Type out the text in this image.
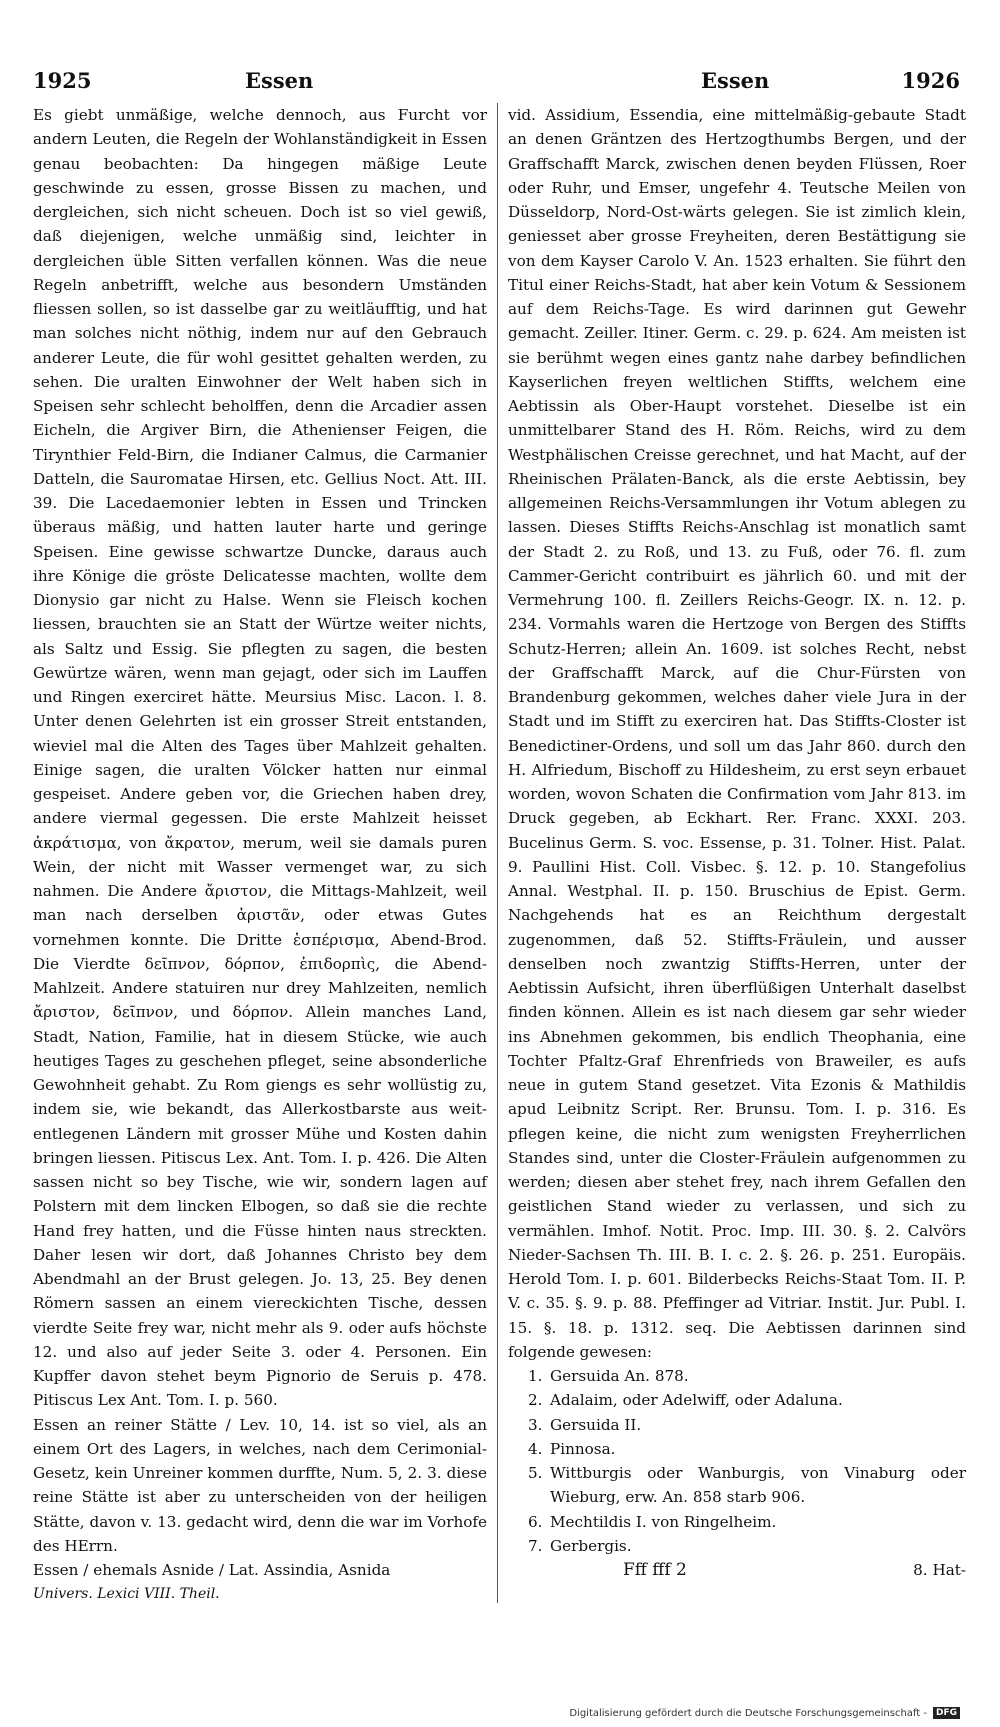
1925	Essen	Essen	1926

Es giebt unmäßige, welche dennoch, aus Furcht vor andern Leuten, die Regeln der Wohlanständigkeit in Essen genau beobachten: Da hingegen mäßige Leute geschwinde zu essen, grosse Bissen zu machen, und dergleichen, sich nicht scheuen. Doch ist so viel gewiß, daß diejenigen, welche unmäßig sind, leichter in dergleichen üble Sitten verfallen können. Was die neue Regeln anbetrifft, welche aus besondern Umständen fliessen sollen, so ist dasselbe gar zu weitläufftig, und hat man solches nicht nöthig, indem nur auf den Gebrauch anderer Leute, die für wohl gesittet gehalten werden, zu sehen. Die uralten Einwohner der Welt haben sich in Speisen sehr schlecht beholffen, denn die Arcadier assen Eicheln, die Argiver Birn, die Athenienser Feigen, die Tirynthier Feld-Birn, die Indianer Calmus, die Carmanier Datteln, die Sauromatae Hirsen, etc. Gellius Noct. Att. III. 39. Die Lacedaemonier lebten in Essen und Trincken überaus mäßig, und hatten lauter harte und geringe Speisen. Eine gewisse schwartze Duncke, daraus auch ihre Könige die gröste Delicatesse machten, wollte dem Dionysio gar nicht zu Halse. Wenn sie Fleisch kochen liessen, brauchten sie an Statt der Würtze weiter nichts, als Saltz und Essig. Sie pflegten zu sagen, die besten Gewürtze wären, wenn man gejagt, oder sich im Lauffen und Ringen exerciret hätte. Meursius Misc. Lacon. l. 8. Unter denen Gelehrten ist ein grosser Streit entstanden, wieviel mal die Alten des Tages über Mahlzeit gehalten. Einige sagen, die uralten Völcker hatten nur einmal gespeiset. Andere geben vor, die Griechen haben drey, andere viermal gegessen. Die erste Mahlzeit heisset ἀκράτισμα, von ἄκρατον, merum, weil sie damals puren Wein, der nicht mit Wasser vermenget war, zu sich nahmen. Die Andere ἄριστον, die Mittags-Mahlzeit, weil man nach derselben ἀριστᾶν, oder etwas Gutes vornehmen konnte. Die Dritte ἑσπέρισμα, Abend-Brod. Die Vierdte δεῖπνον, δόρπον, ἐπιδορπὶς, die Abend-Mahlzeit. Andere statuiren nur drey Mahlzeiten, nemlich ἄριστον, δεῖπνον, und δόρπον. Allein manches Land, Stadt, Nation, Familie, hat in diesem Stücke, wie auch heutiges Tages zu geschehen pfleget, seine absonderliche Gewohnheit gehabt. Zu Rom giengs es sehr wollüstig zu, indem sie, wie bekandt, das Allerkostbarste aus weit-entlegenen Ländern mit grosser Mühe und Kosten dahin bringen liessen. Pitiscus Lex. Ant. Tom. I. p. 426. Die Alten sassen nicht so bey Tische, wie wir, sondern lagen auf Polstern mit dem lincken Elbogen, so daß sie die rechte Hand frey hatten, und die Füsse hinten naus streckten. Daher lesen wir dort, daß Johannes Christo bey dem Abendmahl an der Brust gelegen. Jo. 13, 25. Bey denen Römern sassen an einem viereckichten Tische, dessen vierdte Seite frey war, nicht mehr als 9. oder aufs höchste 12. und also auf jeder Seite 3. oder 4. Personen. Ein Kupffer davon stehet beym Pignorio de Seruis p. 478. Pitiscus Lex Ant. Tom. I. p. 560.

Essen an reiner Stätte / Lev. 10, 14. ist so viel, als an einem Ort des Lagers, in welches, nach dem Cerimonial-Gesetz, kein Unreiner kommen durffte, Num. 5, 2. 3. diese reine Stätte ist aber zu unterscheiden von der heiligen Stätte, davon v. 13. gedacht wird, denn die war im Vorhofe des HErrn.

Essen / ehemals Asnide / Lat. Assindia, Asnida

Univers. Lexici VIII. Theil.

vid. Assidium, Essendia, eine mittelmäßig-gebaute Stadt an denen Gräntzen des Hertzogthumbs Bergen, und der Graffschafft Marck, zwischen denen beyden Flüssen, Roer oder Ruhr, und Emser, ungefehr 4. Teutsche Meilen von Düsseldorp, Nord-Ost-wärts gelegen. Sie ist zimlich klein, geniesset aber grosse Freyheiten, deren Bestättigung sie von dem Kayser Carolo V. An. 1523 erhalten. Sie führt den Titul einer Reichs-Stadt, hat aber kein Votum & Sessionem auf dem Reichs-Tage. Es wird darinnen gut Gewehr gemacht. Zeiller. Itiner. Germ. c. 29. p. 624. Am meisten ist sie berühmt wegen eines gantz nahe darbey befindlichen Kayserlichen freyen weltlichen Stiffts, welchem eine Aebtissin als Ober-Haupt vorstehet. Dieselbe ist ein unmittelbarer Stand des H. Röm. Reichs, wird zu dem Westphälischen Creisse gerechnet, und hat Macht, auf der Rheinischen Prälaten-Banck, als die erste Aebtissin, bey allgemeinen Reichs-Versammlungen ihr Votum ablegen zu lassen. Dieses Stiffts Reichs-Anschlag ist monatlich samt der Stadt 2. zu Roß, und 13. zu Fuß, oder 76. fl. zum Cammer-Gericht contribuirt es jährlich 60. und mit der Vermehrung 100. fl. Zeillers Reichs-Geogr. IX. n. 12. p. 234. Vormahls waren die Hertzoge von Bergen des Stiffts Schutz-Herren; allein An. 1609. ist solches Recht, nebst der Graffschafft Marck, auf die Chur-Fürsten von Brandenburg gekommen, welches daher viele Jura in der Stadt und im Stifft zu exerciren hat. Das Stiffts-Closter ist Benedictiner-Ordens, und soll um das Jahr 860. durch den H. Alfriedum, Bischoff zu Hildesheim, zu erst seyn erbauet worden, wovon Schaten die Confirmation vom Jahr 813. im Druck gegeben, ab Eckhart. Rer. Franc. XXXI. 203. Bucelinus Germ. S. voc. Essense, p. 31. Tolner. Hist. Palat. 9. Paullini Hist. Coll. Visbec. §. 12. p. 10. Stangefolius Annal. Westphal. II. p. 150. Bruschius de Epist. Germ. Nachgehends hat es an Reichthum dergestalt zugenommen, daß 52. Stiffts-Fräulein, und ausser denselben noch zwantzig Stiffts-Herren, unter der Aebtissin Aufsicht, ihren überflüßigen Unterhalt daselbst finden können. Allein es ist nach diesem gar sehr wieder ins Abnehmen gekommen, bis endlich Theophania, eine Tochter Pfaltz-Graf Ehrenfrieds von Braweiler, es aufs neue in gutem Stand gesetzet. Vita Ezonis & Mathildis apud Leibnitz Script. Rer. Brunsu. Tom. I. p. 316. Es pflegen keine, die nicht zum wenigsten Freyherrlichen Standes sind, unter die Closter-Fräulein aufgenommen zu werden; diesen aber stehet frey, nach ihrem Gefallen den geistlichen Stand wieder zu verlassen, und sich zu vermählen. Imhof. Notit. Proc. Imp. III. 30. §. 2. Calvörs Nieder-Sachsen Th. III. B. I. c. 2. §. 26. p. 251. Europäis. Herold Tom. I. p. 601. Bilderbecks Reichs-Staat Tom. II. P. V. c. 35. §. 9. p. 88. Pfeffinger ad Vitriar. Instit. Jur. Publ. I. 15. §. 18. p. 1312. seq. Die Aebtissen darinnen sind folgende gewesen:

1. Gersuida An. 878.
2. Adalaim, oder Adelwiff, oder Adaluna.
3. Gersuida II.
4. Pinnosa.
5. Wittburgis oder Wanburgis, von Vinaburg oder Wieburg, erw. An. 858 starb 906.
6. Mechtildis I. von Ringelheim.
7. Gerbergis.
Fff fff 2	8. Hat-
Digitalisierung gefördert durch die Deutsche Forschungsgemeinschaft -	DFG
